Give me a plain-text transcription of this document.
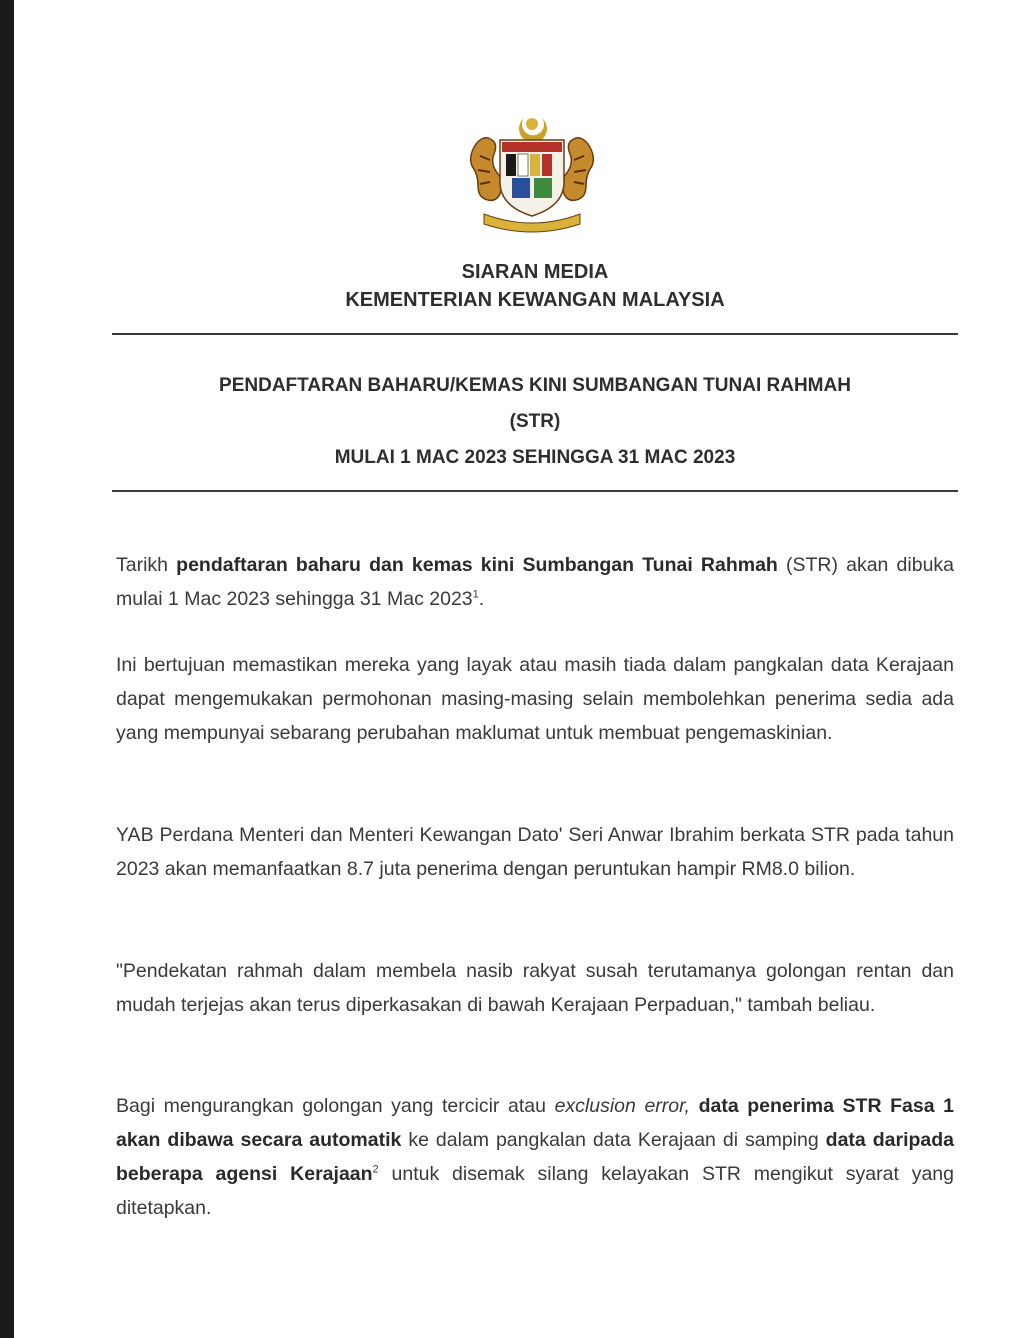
SIARAN MEDIA
KEMENTERIAN KEWANGAN MALAYSIA
PENDAFTARAN BAHARU/KEMAS KINI SUMBANGAN TUNAI RAHMAH
(STR)
MULAI 1 MAC 2023 SEHINGGA 31 MAC 2023
Tarikh pendaftaran baharu dan kemas kini Sumbangan Tunai Rahmah (STR) akan dibuka mulai 1 Mac 2023 sehingga 31 Mac 2023$^1$.
Ini bertujuan memastikan mereka yang layak atau masih tiada dalam pangkalan data Kerajaan dapat mengemukakan permohonan masing-masing selain membolehkan penerima sedia ada yang mempunyai sebarang perubahan maklumat untuk membuat pengemaskinian.
YAB Perdana Menteri dan Menteri Kewangan Dato' Seri Anwar Ibrahim berkata STR pada tahun 2023 akan memanfaatkan 8.7 juta penerima dengan peruntukan hampir RM8.0 bilion.
"Pendekatan rahmah dalam membela nasib rakyat susah terutamanya golongan rentan dan mudah terjejas akan terus diperkasakan di bawah Kerajaan Perpaduan," tambah beliau.
Bagi mengurangkan golongan yang tercicir atau exclusion error, data penerima STR Fasa 1 akan dibawa secara automatik ke dalam pangkalan data Kerajaan di samping data daripada beberapa agensi Kerajaan$^2$ untuk disemak silang kelayakan STR mengikut syarat yang ditetapkan.
